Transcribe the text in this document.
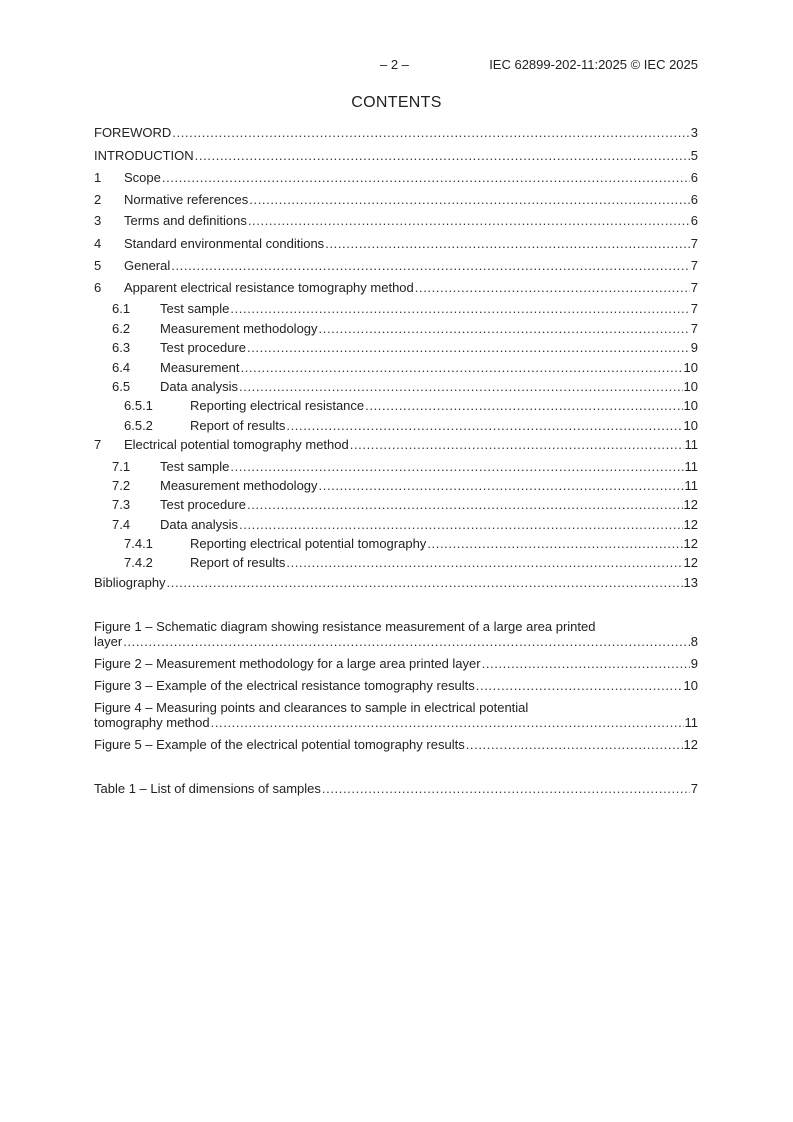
– 2 –	IEC 62899-202-11:2025 © IEC 2025
CONTENTS
FOREWORD .....	3
INTRODUCTION .....	5
1	Scope .....	6
2	Normative references .....	6
3	Terms and definitions .....	6
4	Standard environmental conditions .....	7
5	General .....	7
6	Apparent electrical resistance tomography method .....	7
6.1	Test sample .....	7
6.2	Measurement methodology .....	7
6.3	Test procedure .....	9
6.4	Measurement .....	10
6.5	Data analysis .....	10
6.5.1	Reporting electrical resistance .....	10
6.5.2	Report of results .....	10
7	Electrical potential tomography method .....	11
7.1	Test sample .....	11
7.2	Measurement methodology .....	11
7.3	Test procedure .....	12
7.4	Data analysis .....	12
7.4.1	Reporting electrical potential tomography .....	12
7.4.2	Report of results .....	12
Bibliography .....	13
Figure 1 – Schematic diagram showing resistance measurement of a large area printed
layer .....	8
Figure 2 – Measurement methodology for a large area printed layer .....	9
Figure 3 – Example of the electrical resistance tomography results .....	10
Figure 4 – Measuring points and clearances to sample in electrical potential
tomography method .....	11
Figure 5 – Example of the electrical potential tomography results .....	12
Table 1 – List of dimensions of samples .....	7
